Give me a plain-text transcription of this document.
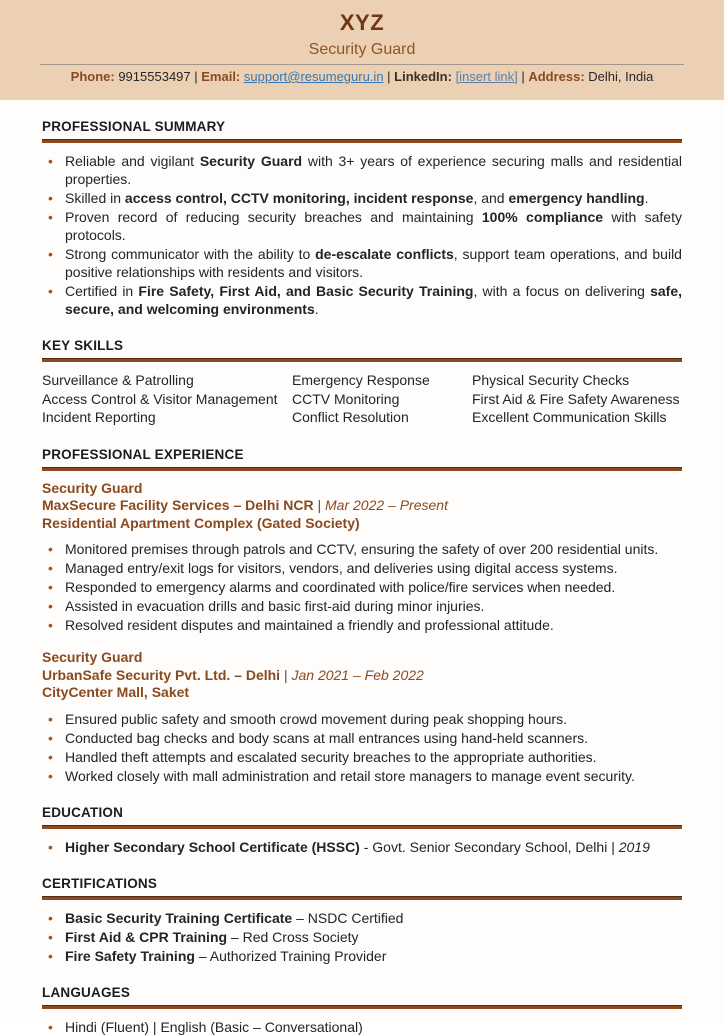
XYZ
Security Guard
Phone: 9915553497 | Email: support@resumeguru.in | LinkedIn: [insert link] | Address: Delhi, India
PROFESSIONAL SUMMARY
• Reliable and vigilant Security Guard with 3+ years of experience securing malls and residential properties.
• Skilled in access control, CCTV monitoring, incident response, and emergency handling.
• Proven record of reducing security breaches and maintaining 100% compliance with safety protocols.
• Strong communicator with the ability to de-escalate conflicts, support team operations, and build positive relationships with residents and visitors.
• Certified in Fire Safety, First Aid, and Basic Security Training, with a focus on delivering safe, secure, and welcoming environments.
KEY SKILLS
Surveillance & Patrolling
Access Control & Visitor Management
Incident Reporting
Emergency Response
CCTV Monitoring
Conflict Resolution
Physical Security Checks
First Aid & Fire Safety Awareness
Excellent Communication Skills
PROFESSIONAL EXPERIENCE
Security Guard
MaxSecure Facility Services – Delhi NCR | Mar 2022 – Present
Residential Apartment Complex (Gated Society)
• Monitored premises through patrols and CCTV, ensuring the safety of over 200 residential units.
• Managed entry/exit logs for visitors, vendors, and deliveries using digital access systems.
• Responded to emergency alarms and coordinated with police/fire services when needed.
• Assisted in evacuation drills and basic first-aid during minor injuries.
• Resolved resident disputes and maintained a friendly and professional attitude.
Security Guard
UrbanSafe Security Pvt. Ltd. – Delhi | Jan 2021 – Feb 2022
CityCenter Mall, Saket
• Ensured public safety and smooth crowd movement during peak shopping hours.
• Conducted bag checks and body scans at mall entrances using hand-held scanners.
• Handled theft attempts and escalated security breaches to the appropriate authorities.
• Worked closely with mall administration and retail store managers to manage event security.
EDUCATION
• Higher Secondary School Certificate (HSSC) - Govt. Senior Secondary School, Delhi | 2019
CERTIFICATIONS
• Basic Security Training Certificate – NSDC Certified
• First Aid & CPR Training – Red Cross Society
• Fire Safety Training – Authorized Training Provider
LANGUAGES
• Hindi (Fluent) | English (Basic – Conversational)
